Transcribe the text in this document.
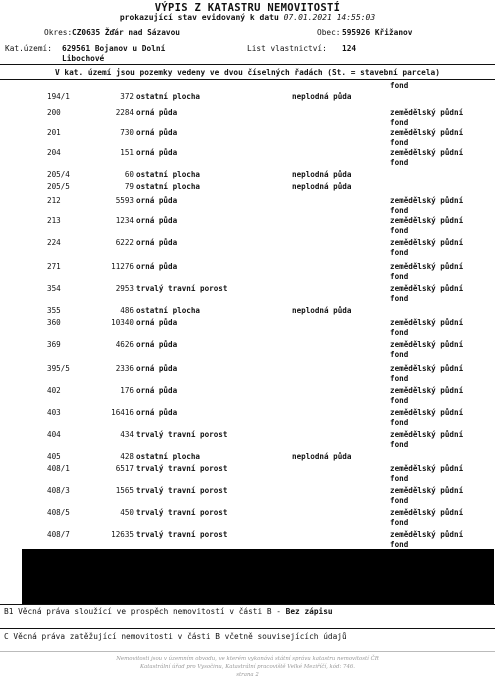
VÝPIS Z KATASTRU NEMOVITOSTÍ
prokazující stav evidovaný k datu 07.01.2021 14:55:03
Okres: CZ0635 Žďár nad Sázavou	Obec: 595926 Křižanov
Kat.území: 629561 Bojanov u Dolní
Libochové
List vlastnictví: 124
V kat. území jsou pozemky vedeny ve dvou číselných řadách (St. = stavební parcela)
fond
194/1	372 ostatní plocha	neplodná půda
200	2284 orná půda	zemědělský půdní
fond
201	730 orná půda	zemědělský půdní
fond
204	151 orná půda	zemědělský půdní
fond
205/4	60 ostatní plocha	neplodná půda
205/5	79 ostatní plocha	neplodná půda
212	5593 orná půda	zemědělský půdní
fond
213	1234 orná půda	zemědělský půdní
fond
224	6222 orná půda	zemědělský půdní
fond
271	11276 orná půda	zemědělský půdní
fond
354	2953 trvalý travní porost	zemědělský půdní
fond
355	486 ostatní plocha	neplodná půda
360	10340 orná půda	zemědělský půdní
fond
369	4626 orná půda	zemědělský půdní
fond
395/5	2336 orná půda	zemědělský půdní
fond
402	176 orná půda	zemědělský půdní
fond
403	16416 orná půda	zemědělský půdní
fond
404	434 trvalý travní porost	zemědělský půdní
fond
405	428 ostatní plocha	neplodná půda
408/1	6517 trvalý travní porost	zemědělský půdní
fond
408/3	1565 trvalý travní porost	zemědělský půdní
fond
408/5	450 trvalý travní porost	zemědělský půdní
fond
408/7	12635 trvalý travní porost	zemědělský půdní
fond
B1 Věcná práva sloužící ve prospěch nemovitostí v části B - Bez zápisu
C Věcná práva zatěžující nemovitosti v části B včetně souvisejících údajů
Nemovitosti jsou v územním obvodu, ve kterém vykonává státní správu katastru nemovitostí ČR
Katastrální úřad pro Vysočinu, Katastrální pracoviště Velké Meziříčí, kód: 746.
strana 2
